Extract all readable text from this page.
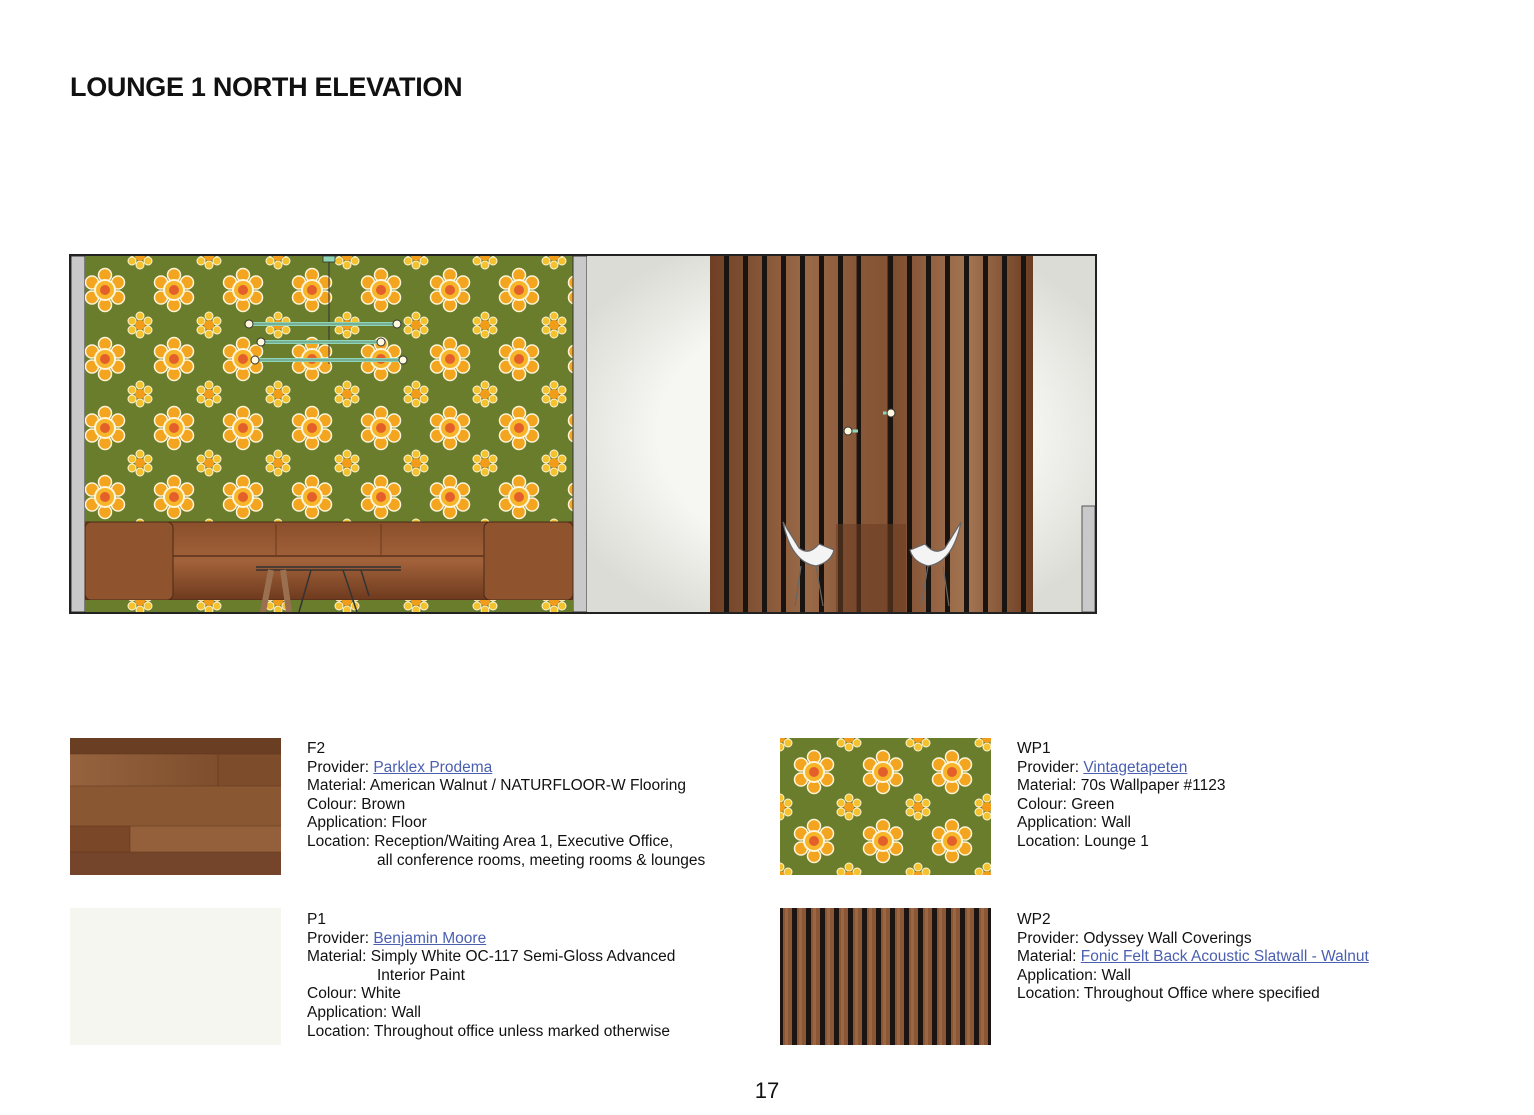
LOUNGE 1 NORTH ELEVATION
F2
Provider: Parklex Prodema
Material: American Walnut / NATURFLOOR-W Flooring
Colour: Brown
Application: Floor
Location: Reception/Waiting Area 1, Executive Office,
all conference rooms, meeting rooms & lounges
WP1
Provider: Vintagetapeten
Material: 70s Wallpaper #1123
Colour: Green
Application: Wall
Location: Lounge 1
P1
Provider: Benjamin Moore
Material: Simply White OC-117 Semi-Gloss Advanced
Interior Paint
Colour: White
Application: Wall
Location: Throughout office unless marked otherwise
WP2
Provider: Odyssey Wall Coverings
Material: Fonic Felt Back Acoustic Slatwall - Walnut
Application: Wall
Location: Throughout Office where specified
17
